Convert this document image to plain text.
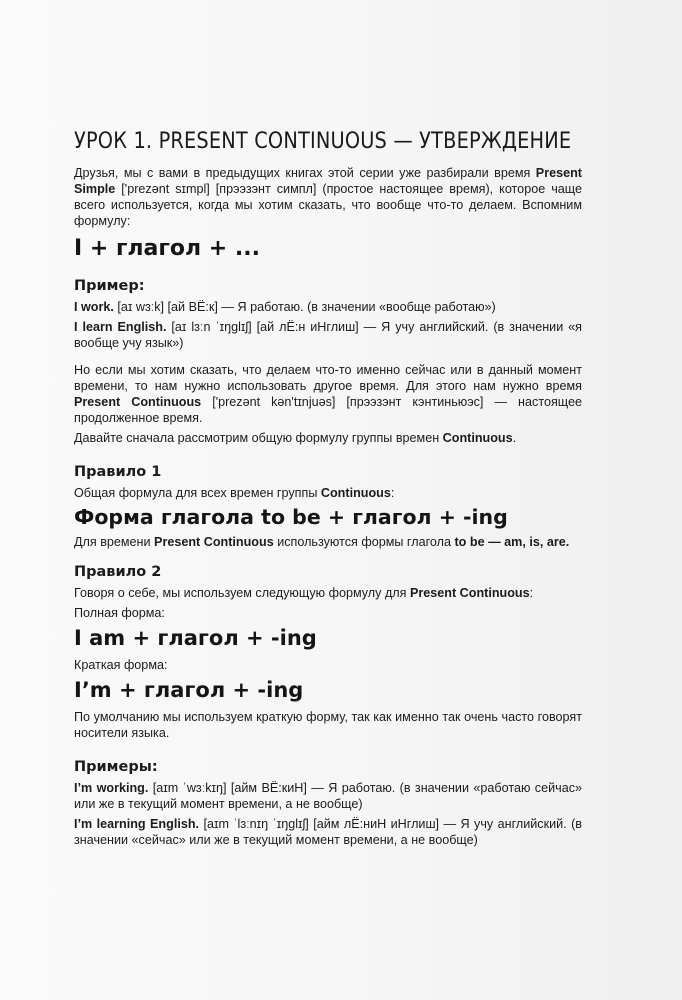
УРОК 1. PRESENT CONTINUOUS — УТВЕРЖДЕНИЕ

Друзья, мы с вами в предыдущих книгах этой серии уже разбирали время Present Simple ['prezənt sɪmpl] [прээзэнт симпл] (простое настоящее время), которое чаще всего используется, когда мы хотим сказать, что вообще что-то делаем. Вспомним формулу:

I + глагол + ...
Пример:

I work. [aɪ wɜːk] [ай ВЁ:к] — Я работаю. (в значении «вообще работаю»)

I learn English. [aɪ lɜːn ˈɪŋglɪʃ] [ай лЁ:н иНглиш] — Я учу английский. (в значении «я вообще учу язык»)

Но если мы хотим сказать, что делаем что-то именно сейчас или в данный момент времени, то нам нужно использовать другое время. Для этого нам нужно время Present Continuous ['prezənt kən'tɪnjuəs] [прээзэнт кэнтиньюэс] — настоящее продолженное время.

Давайте сначала рассмотрим общую формулу группы времен Continuous.

Правило 1

Общая формула для всех времен группы Continuous:

Форма глагола to be + глагол + -ing

Для времени Present Continuous используются формы глагола to be — am, is, are.

Правило 2

Говоря о себе, мы используем следующую формулу для Present Continuous:

Полная форма:

I am + глагол + -ing

Краткая форма:

I’m + глагол + -ing

По умолчанию мы используем краткую форму, так как именно так очень часто говорят носители языка.

Примеры:

I’m working. [aɪm ˈwɜːkɪŋ] [айм ВЁ:киН] — Я работаю. (в значении «работаю сейчас» или же в текущий момент времени, а не вообще)

I’m learning English. [aɪm ˈlɜːnɪŋ ˈɪŋglɪʃ] [айм лЁ:ниН иНглиш] — Я учу английский. (в значении «сейчас» или же в текущий момент времени, а не вообще)
